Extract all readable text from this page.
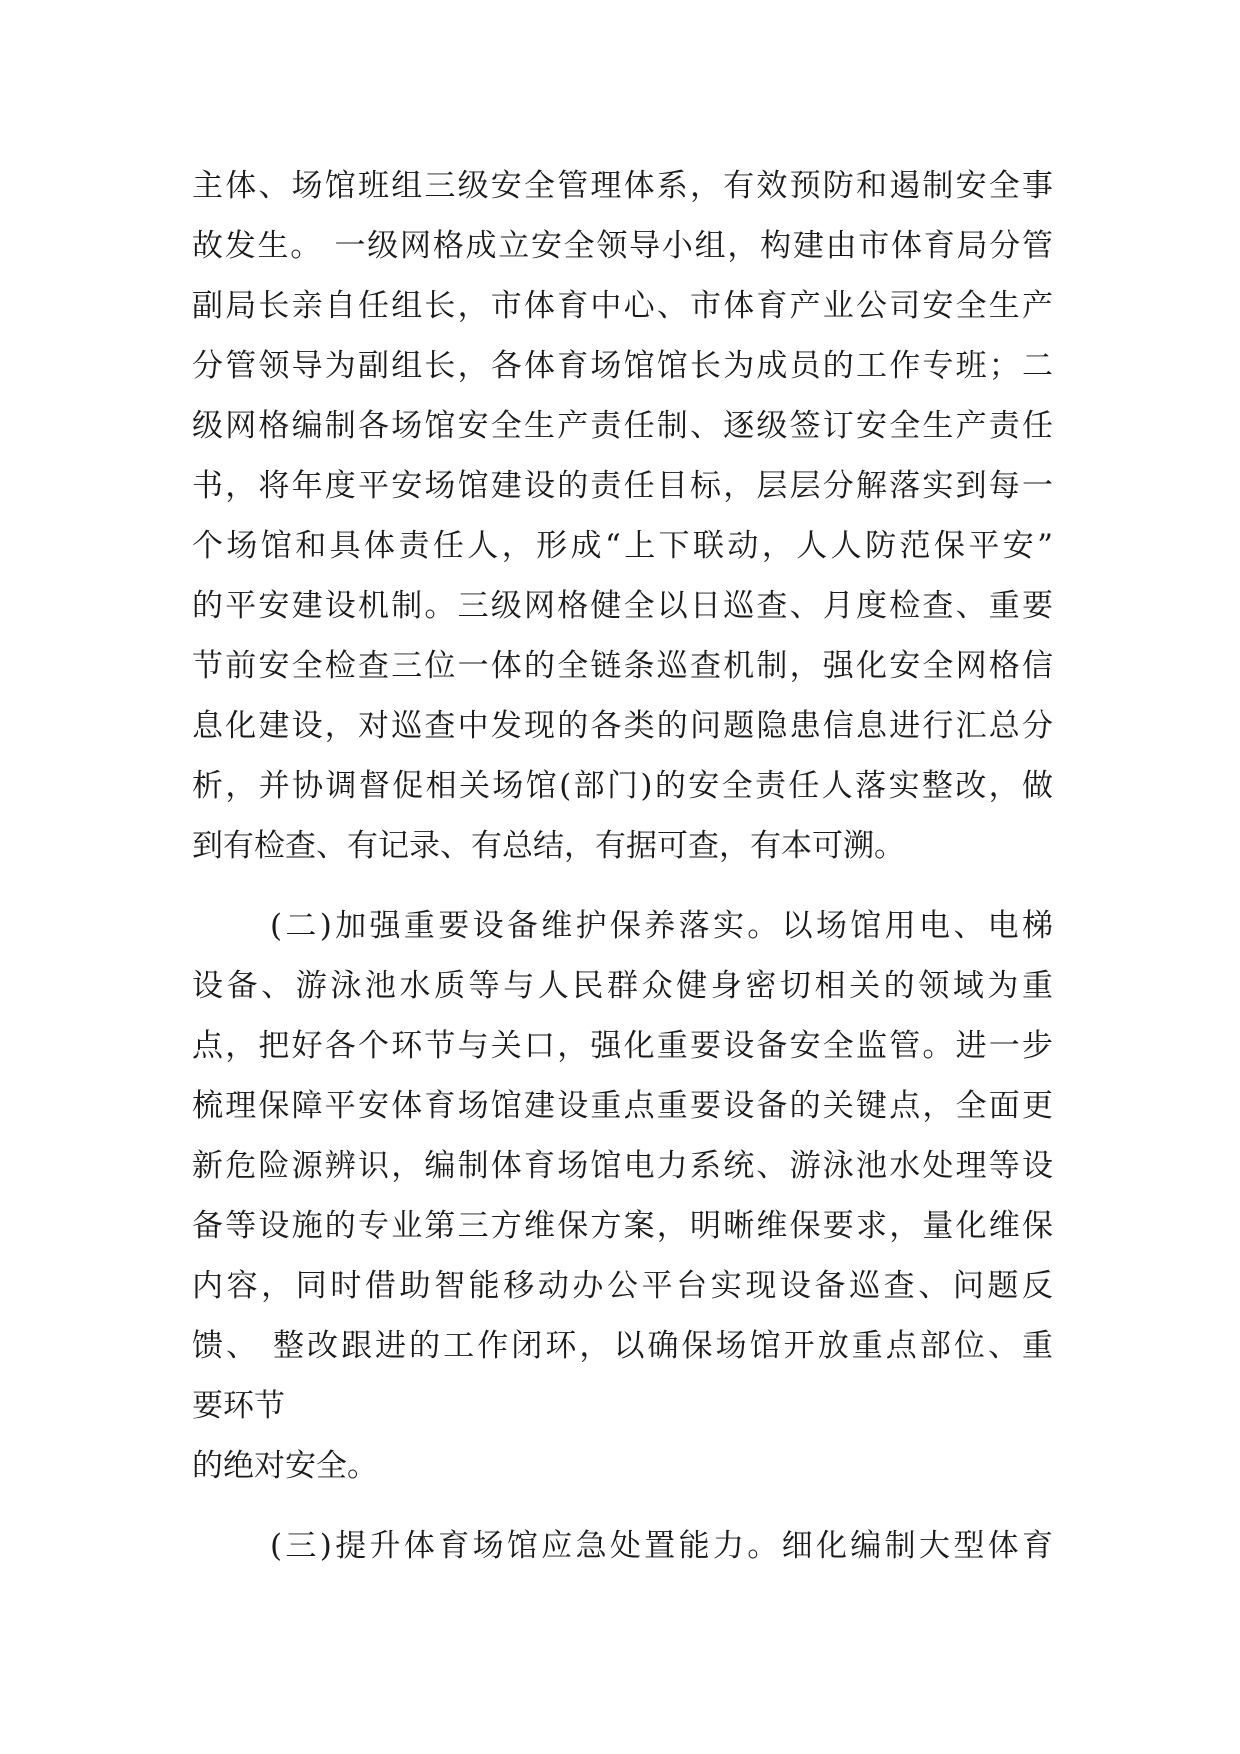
主体、场馆班组三级安全管理体系，有效预防和遏制安全事

故发生。 一级网格成立安全领导小组，构建由市体育局分管

副局长亲自任组长，市体育中心、市体育产业公司安全生产

分管领导为副组长，各体育场馆馆长为成员的工作专班；二

级网格编制各场馆安全生产责任制、逐级签订安全生产责任

书，将年度平安场馆建设的责任目标，层层分解落实到每一

个场馆和具体责任人，形成“上下联动，人人防范保平安”

的平安建设机制。三级网格健全以日巡查、月度检查、重要

节前安全检查三位一体的全链条巡查机制，强化安全网格信

息化建设，对巡查中发现的各类的问题隐患信息进行汇总分

析，并协调督促相关场馆(部门)的安全责任人落实整改，做

到有检查、有记录、有总结，有据可查，有本可溯。

(二)加强重要设备维护保养落实。以场馆用电、电梯

设备、游泳池水质等与人民群众健身密切相关的领域为重

点，把好各个环节与关口，强化重要设备安全监管。进一步

梳理保障平安体育场馆建设重点重要设备的关键点，全面更

新危险源辨识，编制体育场馆电力系统、游泳池水处理等设

备等设施的专业第三方维保方案，明晰维保要求，量化维保

内容，同时借助智能移动办公平台实现设备巡查、问题反

馈、 整改跟进的工作闭环，以确保场馆开放重点部位、重

要环节

的绝对安全。

(三)提升体育场馆应急处置能力。细化编制大型体育
